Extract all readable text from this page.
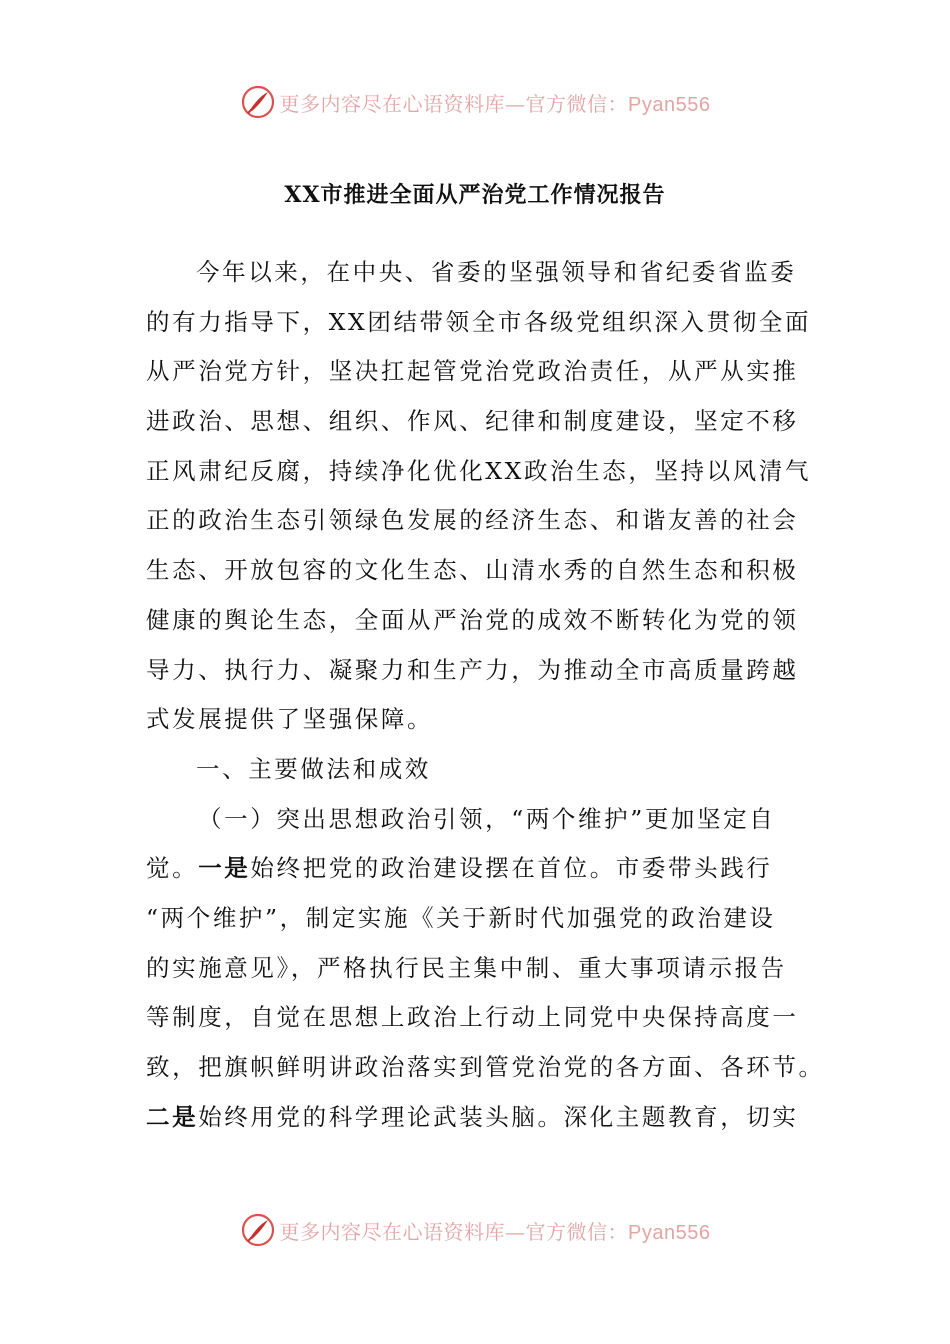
更多内容尽在心语资料库—官方微信：Pyan556
XX市推进全面从严治党工作情况报告
今年以来，在中央、省委的坚强领导和省纪委省监委
的有力指导下，XX团结带领全市各级党组织深入贯彻全面
从严治党方针，坚决扛起管党治党政治责任，从严从实推
进政治、思想、组织、作风、纪律和制度建设，坚定不移
正风肃纪反腐，持续净化优化XX政治生态，坚持以风清气
正的政治生态引领绿色发展的经济生态、和谐友善的社会
生态、开放包容的文化生态、山清水秀的自然生态和积极
健康的舆论生态，全面从严治党的成效不断转化为党的领
导力、执行力、凝聚力和生产力，为推动全市高质量跨越
式发展提供了坚强保障。
一、主要做法和成效
（一）突出思想政治引领，“两个维护”更加坚定自
觉。一是始终把党的政治建设摆在首位。市委带头践行
“两个维护”，制定实施《关于新时代加强党的政治建设
的实施意见》，严格执行民主集中制、重大事项请示报告
等制度，自觉在思想上政治上行动上同党中央保持高度一
致，把旗帜鲜明讲政治落实到管党治党的各方面、各环节。
二是始终用党的科学理论武装头脑。深化主题教育，切实
更多内容尽在心语资料库—官方微信：Pyan556
